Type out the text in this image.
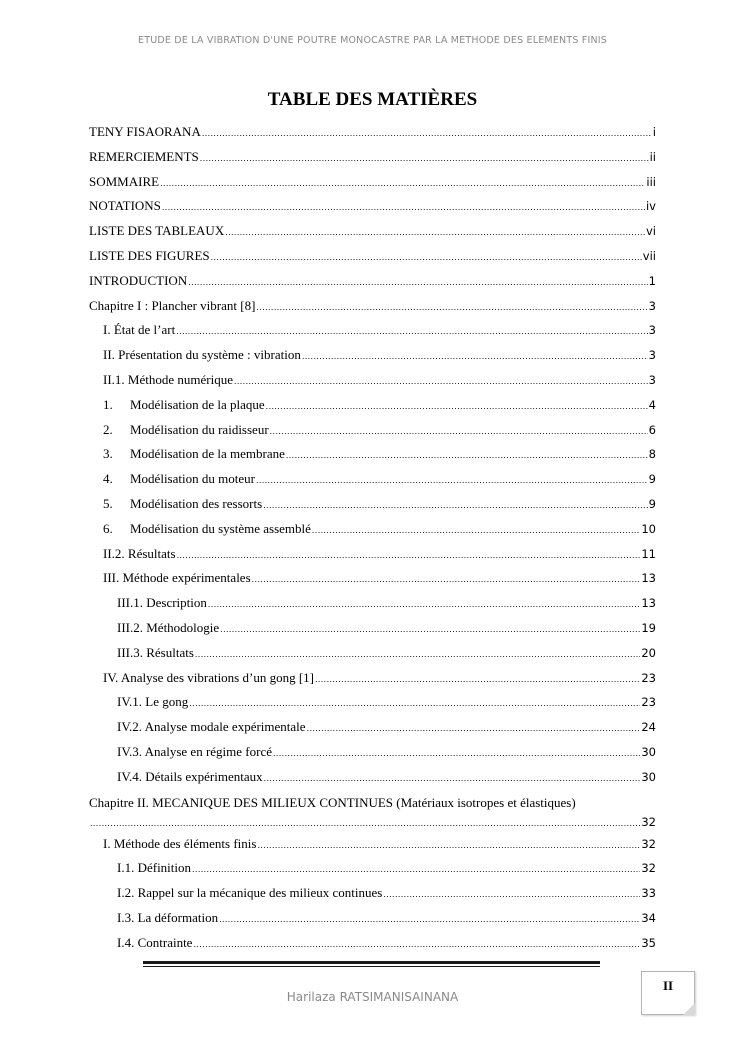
ETUDE DE LA VIBRATION D'UNE POUTRE MONOCASTRE PAR LA METHODE DES ELEMENTS FINIS
TABLE DES MATIÈRES
TENY FISAORANA .....	i
REMERCIEMENTS .....	ii
SOMMAIRE .....	iii
NOTATIONS .....	iv
LISTE DES TABLEAUX .....	vi
LISTE DES FIGURES .....	vii
INTRODUCTION .....	1
Chapitre I : Plancher vibrant [8] .....	3
I. État de l’art .....	3
II. Présentation du système : vibration .....	3
II.1. Méthode numérique .....	3
1. Modélisation de la plaque .....	4
2. Modélisation du raidisseur .....	6
3. Modélisation de la membrane .....	8
4. Modélisation du moteur .....	9
5. Modélisation des ressorts .....	9
6. Modélisation du système assemblé .....	10
II.2. Résultats .....	11
III. Méthode expérimentales .....	13
III.1. Description .....	13
III.2. Méthodologie .....	19
III.3. Résultats .....	20
IV. Analyse des vibrations d’un gong [1] .....	23
IV.1. Le gong .....	23
IV.2. Analyse modale expérimentale .....	24
IV.3. Analyse en régime forcé .....	30
IV.4. Détails expérimentaux .....	30
Chapitre II. MECANIQUE DES MILIEUX CONTINUES (Matériaux isotropes et élastiques)
.....
32
I. Méthode des éléments finis .....	32
I.1. Définition .....	32
I.2. Rappel sur la mécanique des milieux continues .....	33
I.3. La déformation .....	34
I.4. Contrainte .....	35
Harilaza RATSIMANISAINANA
II
